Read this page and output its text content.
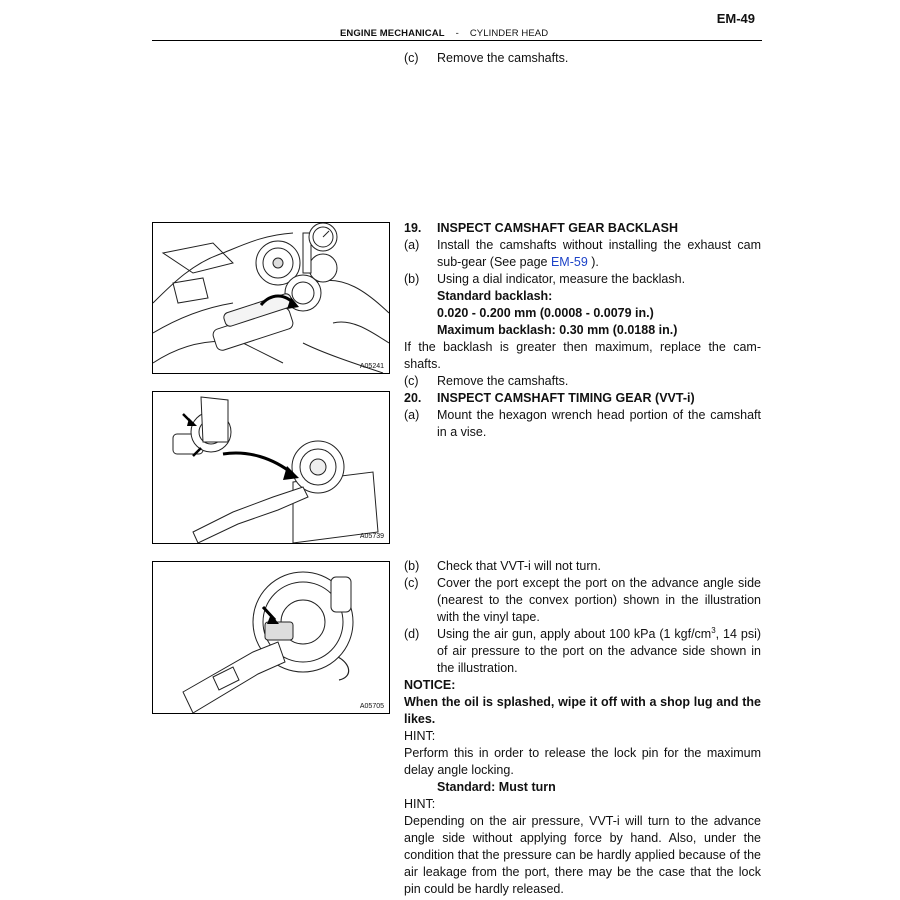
EM-49
ENGINE MECHANICAL - CYLINDER HEAD
(c) Remove the camshafts.
A05241
A05739
A05705
19. INSPECT CAMSHAFT GEAR BACKLASH
(a) Install the camshafts without installing the exhaust cam sub-gear (See page EM-59 ).
(b) Using a dial indicator, measure the backlash.
Standard backlash:
0.020 - 0.200 mm (0.0008 - 0.0079 in.)
Maximum backlash: 0.30 mm (0.0188 in.)
If the backlash is greater then maximum, replace the cam-shafts.
(c) Remove the camshafts.
20. INSPECT CAMSHAFT TIMING GEAR (VVT-i)
(a) Mount the hexagon wrench head portion of the camshaft in a vise.
(b) Check that VVT-i will not turn.
(c) Cover the port except the port on the advance angle side (nearest to the convex portion) shown in the illustration with the vinyl tape.
(d) Using the air gun, apply about 100 kPa (1 kgf/$cm^3$, 14 psi) of air pressure to the port on the advance side shown in the illustration.
NOTICE:
When the oil is splashed, wipe it off with a shop lug and the likes.
HINT:
Perform this in order to release the lock pin for the maximum delay angle locking.
Standard: Must turn
HINT:
Depending on the air pressure, VVT-i will turn to the advance angle side without applying force by hand. Also, under the condition that the pressure can be hardly applied because of the air leakage from the port, there may be the case that the lock pin could be hardly released.
